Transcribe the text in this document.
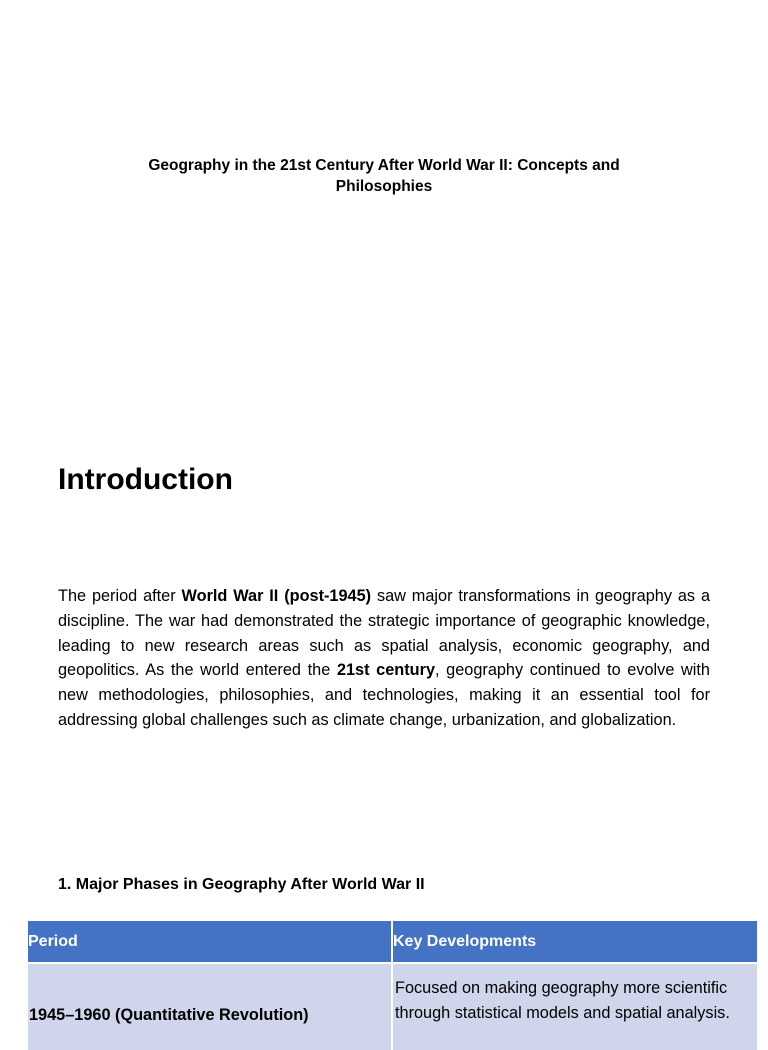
Geography in the 21st Century After World War II: Concepts and Philosophies
Introduction

The period after World War II (post-1945) saw major transformations in geography as a discipline. The war had demonstrated the strategic importance of geographic knowledge, leading to new research areas such as spatial analysis, economic geography, and geopolitics. As the world entered the 21st century, geography continued to evolve with new methodologies, philosophies, and technologies, making it an essential tool for addressing global challenges such as climate change, urbanization, and globalization.

1. Major Phases in Geography After World War II
Period	Key Developments
1945–1960 (Quantitative Revolution)	Focused on making geography more scientific through statistical models and spatial analysis.
